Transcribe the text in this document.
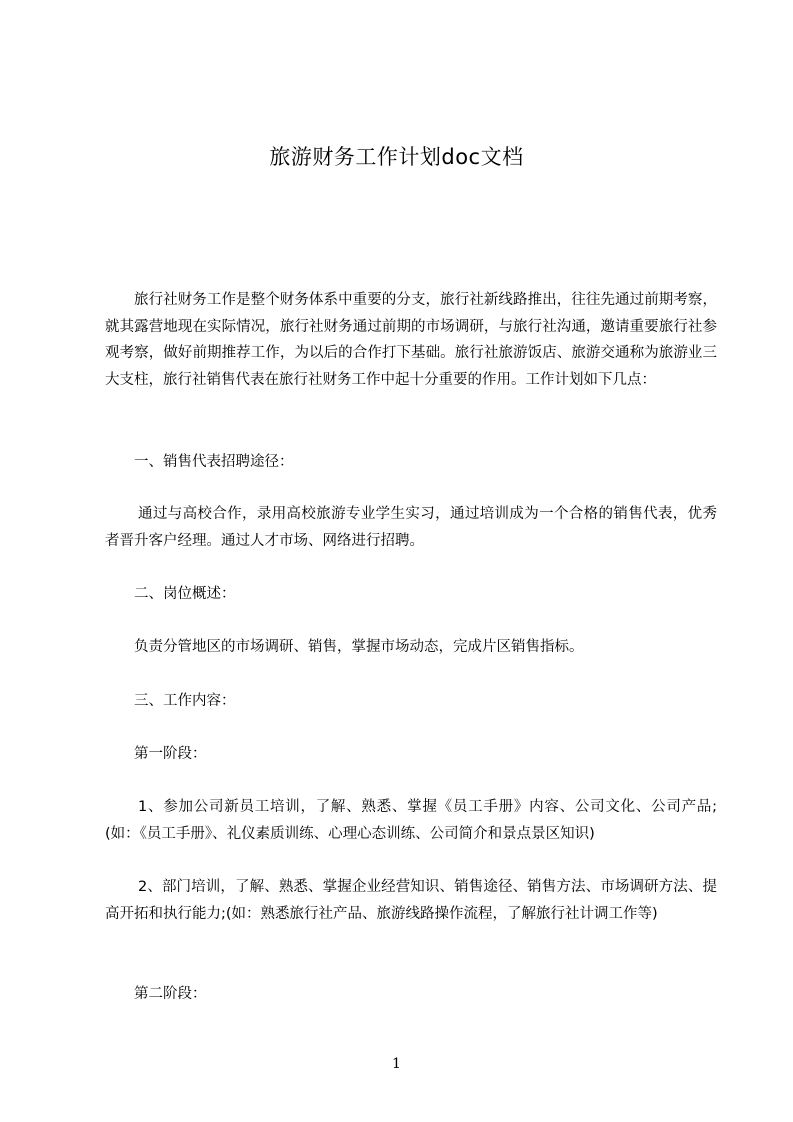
旅游财务工作计划doc文档

旅行社财务工作是整个财务体系中重要的分支，旅行社新线路推出，往往先通过前期考察，就其露营地现在实际情况，旅行社财务通过前期的市场调研，与旅行社沟通，邀请重要旅行社参观考察，做好前期推荐工作，为以后的合作打下基础。旅行社旅游饭店、旅游交通称为旅游业三大支柱，旅行社销售代表在旅行社财务工作中起十分重要的作用。工作计划如下几点：

一、销售代表招聘途径：

通过与高校合作，录用高校旅游专业学生实习，通过培训成为一个合格的销售代表，优秀者晋升客户经理。通过人才市场、网络进行招聘。

二、岗位概述：

负责分管地区的市场调研、销售，掌握市场动态，完成片区销售指标。

三、工作内容：

第一阶段：

1、参加公司新员工培训，了解、熟悉、掌握《员工手册》内容、公司文化、公司产品;(如：《员工手册》、礼仪素质训练、心理心态训练、公司简介和景点景区知识)

2、部门培训，了解、熟悉、掌握企业经营知识、销售途径、销售方法、市场调研方法、提高开拓和执行能力;(如：熟悉旅行社产品、旅游线路操作流程，了解旅行社计调工作等)

第二阶段：

1
